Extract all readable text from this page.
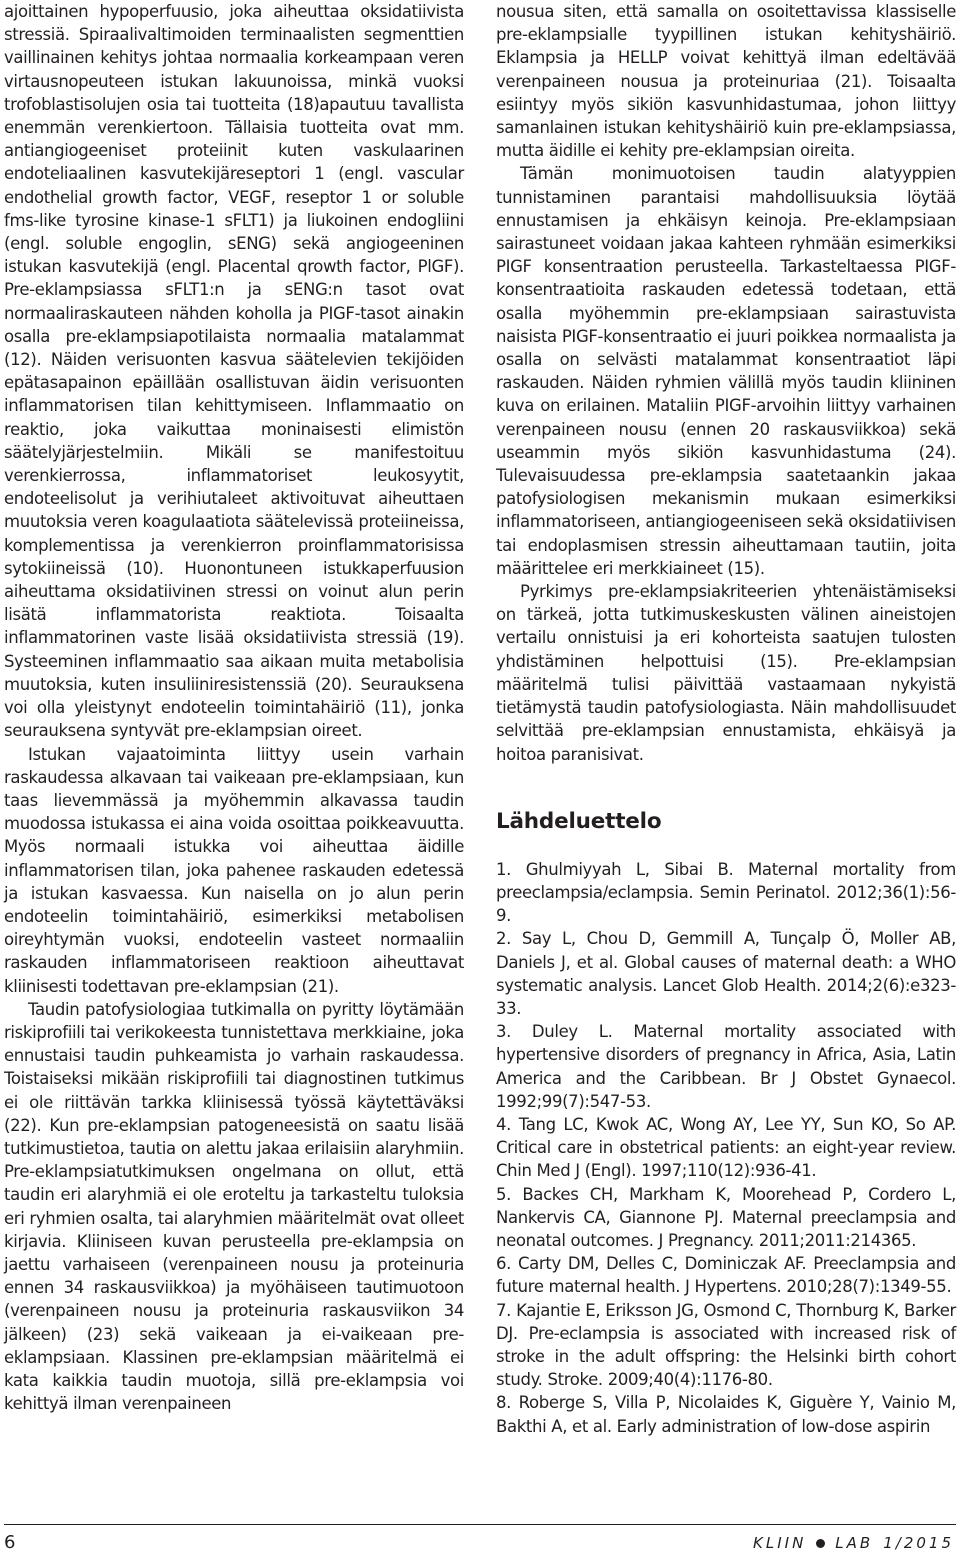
ajoittainen hypoperfuusio, joka aiheuttaa oksidatiivista stressiä. Spiraalivaltimoiden terminaalisten segmenttien vaillinainen kehitys johtaa normaalia korkeampaan veren virtausnopeuteen istukan lakuunoissa, minkä vuoksi trofoblastisolujen osia tai tuotteita (18)apautuu tavallista enemmän verenkiertoon. Tällaisia tuotteita ovat mm. antiangiogeeniset proteiinit kuten vaskulaarinen endoteliaalinen kasvutekijäreseptori 1 (engl. vascular endothelial growth factor, VEGF, reseptor 1 or soluble fms-like tyrosine kinase-1 sFLT1) ja liukoinen endogliini (engl. soluble engoglin, sENG) sekä angiogeeninen istukan kasvutekijä (engl. Placental qrowth factor, PlGF). Pre-eklampsiassa sFLT1:n ja sENG:n tasot ovat normaaliraskauteen nähden koholla ja PIGF-tasot ainakin osalla pre-eklampsiapotilaista normaalia matalammat (12). Näiden verisuonten kasvua säätelevien tekijöiden epätasapainon epäillään osallistuvan äidin verisuonten inflammatorisen tilan kehittymiseen. Inflammaatio on reaktio, joka vaikuttaa moninaisesti elimistön säätelyjärjestelmiin. Mikäli se manifestoituu verenkierrossa, inflammatoriset leukosyytit, endoteelisolut ja verihiutaleet aktivoituvat aiheuttaen muutoksia veren koagulaatiota säätelevissä proteiineissa, komplementissa ja verenkierron proinflammatorisissa sytokiineissä (10). Huonontuneen istukkaperfuusion aiheuttama oksidatiivinen stressi on voinut alun perin lisätä inflammatorista reaktiota. Toisaalta inflammatorinen vaste lisää oksidatiivista stressiä (19). Systeeminen inflammaatio saa aikaan muita metabolisia muutoksia, kuten insuliiniresistenssiä (20). Seurauksena voi olla yleistynyt endoteelin toimintahäiriö (11), jonka seurauksena syntyvät pre-eklampsian oireet.

Istukan vajaatoiminta liittyy usein varhain raskaudessa alkavaan tai vaikeaan pre-eklampsiaan, kun taas lievemmässä ja myöhemmin alkavassa taudin muodossa istukassa ei aina voida osoittaa poikkeavuutta. Myös normaali istukka voi aiheuttaa äidille inflammatorisen tilan, joka pahenee raskauden edetessä ja istukan kasvaessa. Kun naisella on jo alun perin endoteelin toimintahäiriö, esimerkiksi metabolisen oireyhtymän vuoksi, endoteelin vasteet normaaliin raskauden inflammatoriseen reaktioon aiheuttavat kliinisesti todettavan pre-eklampsian (21).

Taudin patofysiologiaa tutkimalla on pyritty löytämään riskiprofiili tai verikokeesta tunnistettava merkkiaine, joka ennustaisi taudin puhkeamista jo varhain raskaudessa. Toistaiseksi mikään riskiprofiili tai diagnostinen tutkimus ei ole riittävän tarkka kliinisessä työssä käytettäväksi (22). Kun pre-eklampsian patogeneesistä on saatu lisää tutkimustietoa, tautia on alettu jakaa erilaisiin alaryhmiin. Pre-eklampsiatutkimuksen ongelmana on ollut, että taudin eri alaryhmiä ei ole eroteltu ja tarkasteltu tuloksia eri ryhmien osalta, tai alaryhmien määritelmät ovat olleet kirjavia. Kliiniseen kuvan perusteella pre-eklampsia on jaettu varhaiseen (verenpaineen nousu ja proteinuria ennen 34 raskausviikkoa) ja myöhäiseen tautimuotoon (verenpaineen nousu ja proteinuria raskausviikon 34 jälkeen) (23) sekä vaikeaan ja ei-vaikeaan pre-eklampsiaan. Klassinen pre-eklampsian määritelmä ei kata kaikkia taudin muotoja, sillä pre-eklampsia voi kehittyä ilman verenpaineen

nousua siten, että samalla on osoitettavissa klassiselle pre-eklampsialle tyypillinen istukan kehityshäiriö. Eklampsia ja HELLP voivat kehittyä ilman edeltävää verenpaineen nousua ja proteinuriaa (21). Toisaalta esiintyy myös sikiön kasvunhidastumaa, johon liittyy samanlainen istukan kehityshäiriö kuin pre-eklampsiassa, mutta äidille ei kehity pre-eklampsian oireita.

Tämän monimuotoisen taudin alatyyppien tunnistaminen parantaisi mahdollisuuksia löytää ennustamisen ja ehkäisyn keinoja. Pre-eklampsiaan sairastuneet voidaan jakaa kahteen ryhmään esimerkiksi PIGF konsentraation perusteella. Tarkasteltaessa PIGF-konsentraatioita raskauden edetessä todetaan, että osalla myöhemmin pre-eklampsiaan sairastuvista naisista PIGF-konsentraatio ei juuri poikkea normaalista ja osalla on selvästi matalammat konsentraatiot läpi raskauden. Näiden ryhmien välillä myös taudin kliininen kuva on erilainen. Mataliin PIGF-arvoihin liittyy varhainen verenpaineen nousu (ennen 20 raskausviikkoa) sekä useammin myös sikiön kasvunhidastuma (24). Tulevaisuudessa pre-eklampsia saatetaankin jakaa patofysiologisen mekanismin mukaan esimerkiksi inflammatoriseen, antiangiogeeniseen sekä oksidatiivisen tai endoplasmisen stressin aiheuttamaan tautiin, joita määrittelee eri merkkiaineet (15).

Pyrkimys pre-eklampsiakriteerien yhtenäistämiseksi on tärkeä, jotta tutkimuskeskusten välinen aineistojen vertailu onnistuisi ja eri kohorteista saatujen tulosten yhdistäminen helpottuisi (15). Pre-eklampsian määritelmä tulisi päivittää vastaamaan nykyistä tietämystä taudin patofysiologiasta. Näin mahdollisuudet selvittää pre-eklampsian ennustamista, ehkäisyä ja hoitoa paranisivat.

Lähdeluettelo

1. Ghulmiyyah L, Sibai B. Maternal mortality from preeclampsia/eclampsia. Semin Perinatol. 2012;36(1):56-9.

2. Say L, Chou D, Gemmill A, Tunçalp Ö, Moller AB, Daniels J, et al. Global causes of maternal death: a WHO systematic analysis. Lancet Glob Health. 2014;2(6):e323-33.

3. Duley L. Maternal mortality associated with hypertensive disorders of pregnancy in Africa, Asia, Latin America and the Caribbean. Br J Obstet Gynaecol. 1992;99(7):547-53.

4. Tang LC, Kwok AC, Wong AY, Lee YY, Sun KO, So AP. Critical care in obstetrical patients: an eight-year review. Chin Med J (Engl). 1997;110(12):936-41.

5. Backes CH, Markham K, Moorehead P, Cordero L, Nankervis CA, Giannone PJ. Maternal preeclampsia and neonatal outcomes. J Pregnancy. 2011;2011:214365.

6. Carty DM, Delles C, Dominiczak AF. Preeclampsia and future maternal health. J Hypertens. 2010;28(7):1349-55.

7. Kajantie E, Eriksson JG, Osmond C, Thornburg K, Barker DJ. Pre-eclampsia is associated with increased risk of stroke in the adult offspring: the Helsinki birth cohort study. Stroke. 2009;40(4):1176-80.

8. Roberge S, Villa P, Nicolaides K, Giguère Y, Vainio M, Bakthi A, et al. Early administration of low-dose aspirin

6	KLIIN LAB 1/2015
